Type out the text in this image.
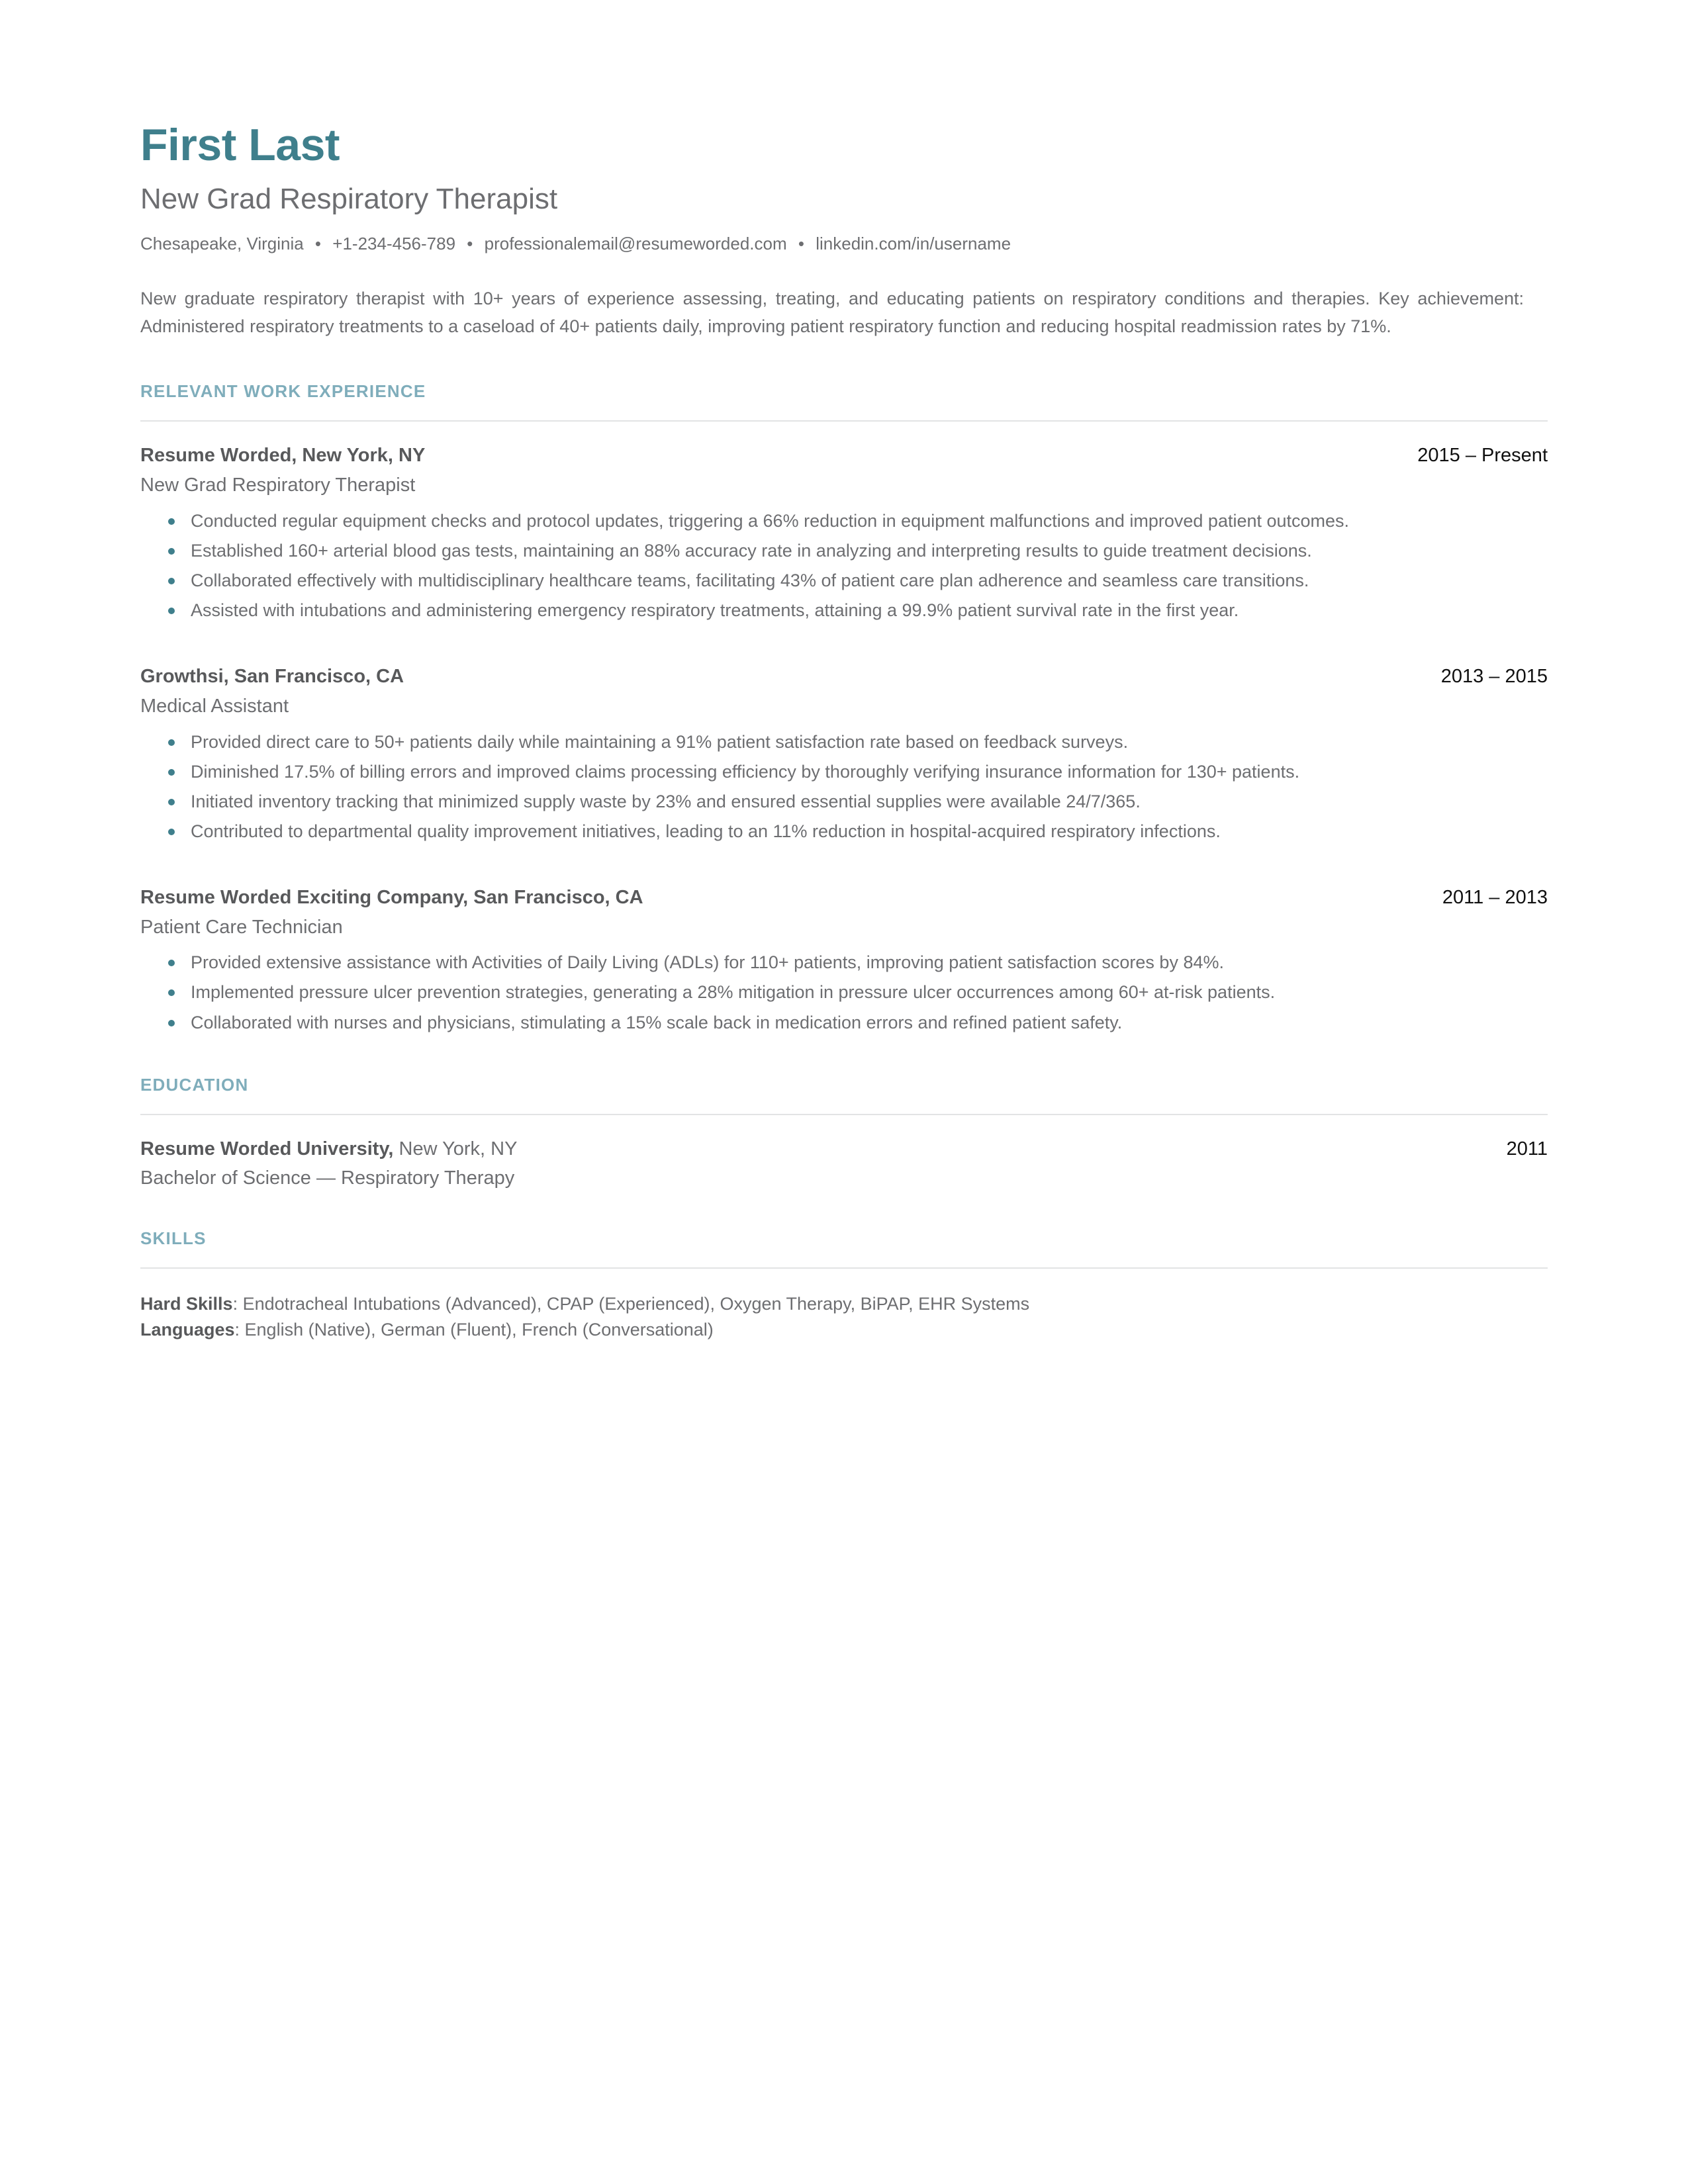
First Last
New Grad Respiratory Therapist
Chesapeake, Virginia • +1-234-456-789 • professionalemail@resumeworded.com • linkedin.com/in/username

New graduate respiratory therapist with 10+ years of experience assessing, treating, and educating patients on respiratory conditions and therapies. Key achievement: Administered respiratory treatments to a caseload of 40+ patients daily, improving patient respiratory function and reducing hospital readmission rates by 71%.

RELEVANT WORK EXPERIENCE
Resume Worded, New York, NY	2015 – Present
New Grad Respiratory Therapist
Conducted regular equipment checks and protocol updates, triggering a 66% reduction in equipment malfunctions and improved patient outcomes.
Established 160+ arterial blood gas tests, maintaining an 88% accuracy rate in analyzing and interpreting results to guide treatment decisions.
Collaborated effectively with multidisciplinary healthcare teams, facilitating 43% of patient care plan adherence and seamless care transitions.
Assisted with intubations and administering emergency respiratory treatments, attaining a 99.9% patient survival rate in the first year.
Growthsi, San Francisco, CA	2013 – 2015
Medical Assistant
Provided direct care to 50+ patients daily while maintaining a 91% patient satisfaction rate based on feedback surveys.
Diminished 17.5% of billing errors and improved claims processing efficiency by thoroughly verifying insurance information for 130+ patients.
Initiated inventory tracking that minimized supply waste by 23% and ensured essential supplies were available 24/7/365.
Contributed to departmental quality improvement initiatives, leading to an 11% reduction in hospital-acquired respiratory infections.
Resume Worded Exciting Company, San Francisco, CA	2011 – 2013
Patient Care Technician
Provided extensive assistance with Activities of Daily Living (ADLs) for 110+ patients, improving patient satisfaction scores by 84%.
Implemented pressure ulcer prevention strategies, generating a 28% mitigation in pressure ulcer occurrences among 60+ at-risk patients.
Collaborated with nurses and physicians, stimulating a 15% scale back in medication errors and refined patient safety.
EDUCATION
Resume Worded University, New York, NY	2011
Bachelor of Science — Respiratory Therapy
SKILLS
Hard Skills: Endotracheal Intubations (Advanced), CPAP (Experienced), Oxygen Therapy, BiPAP, EHR Systems
Languages: English (Native), German (Fluent), French (Conversational)
